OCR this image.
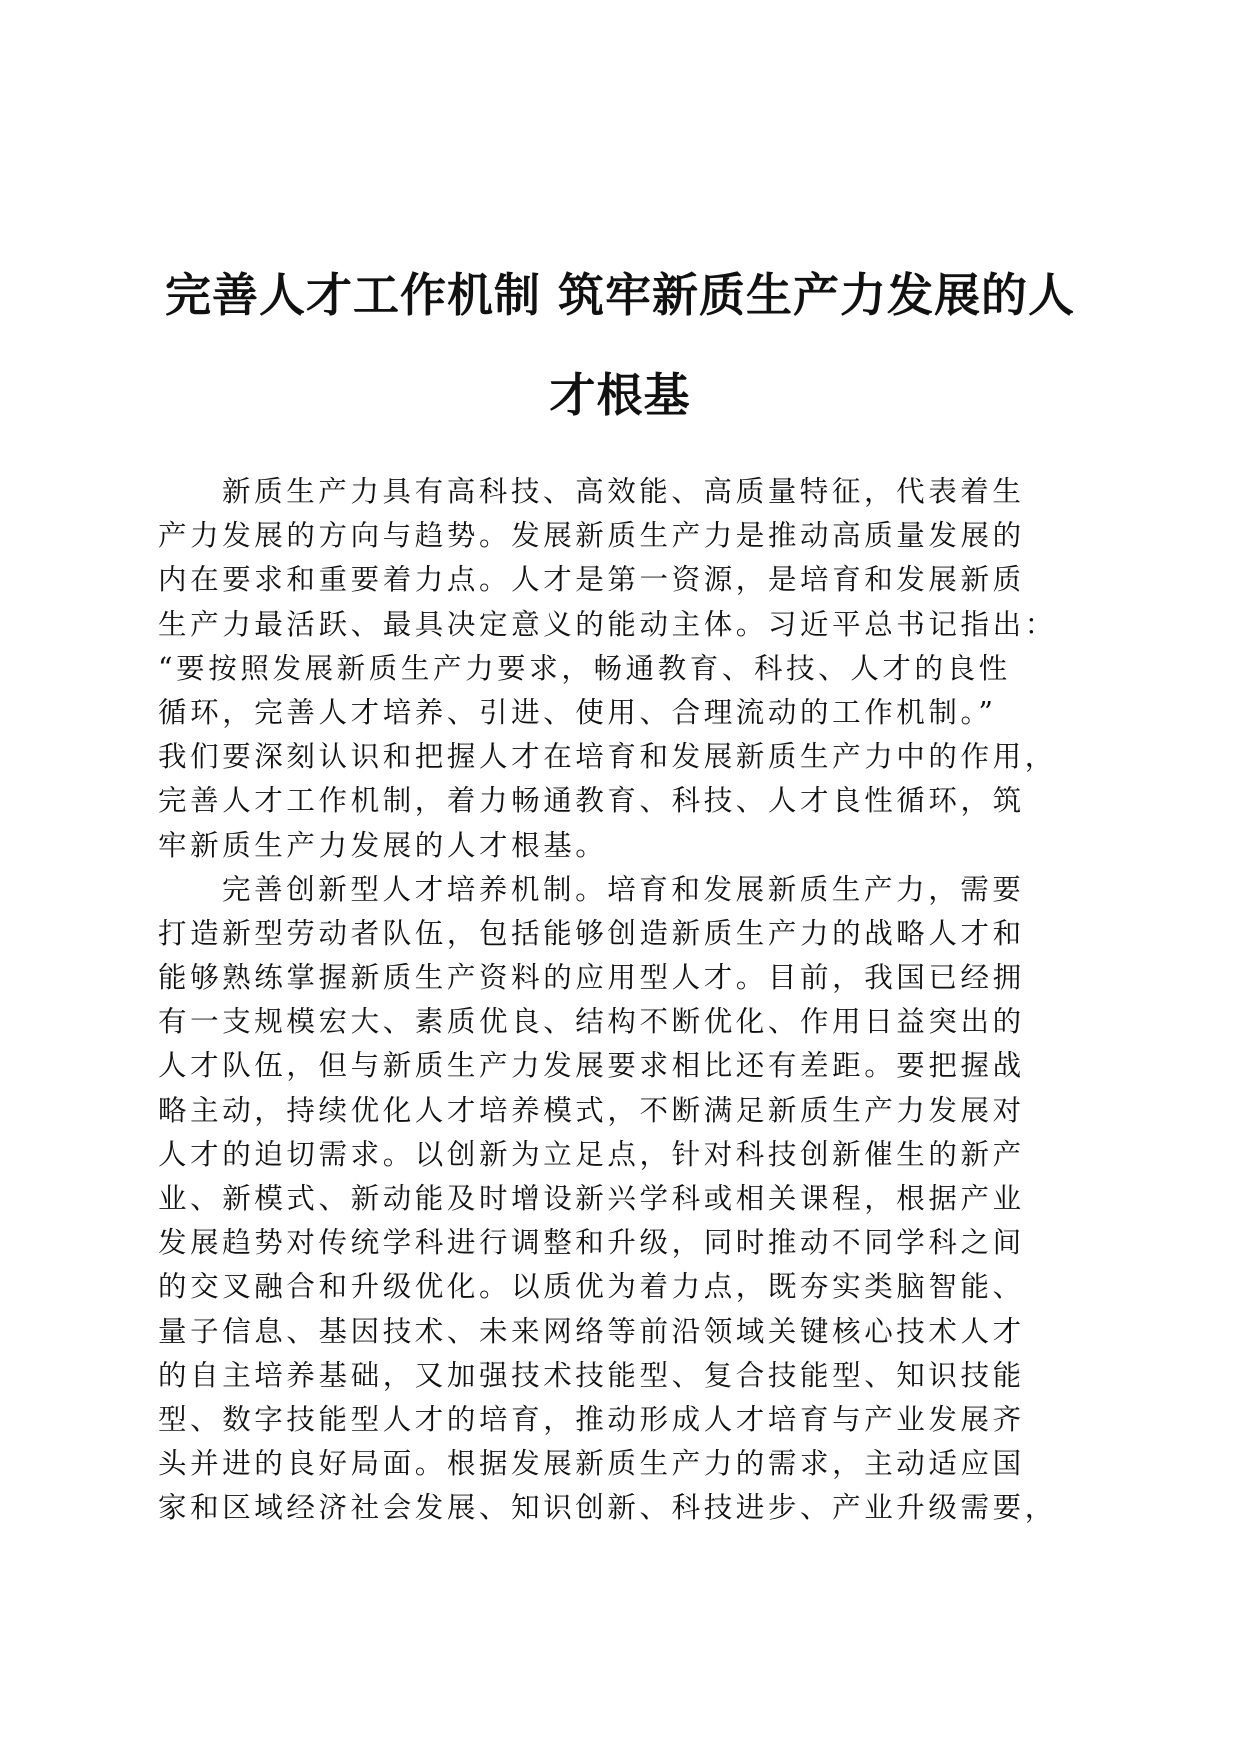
完善人才工作机制 筑牢新质生产力发展的人
才根基

新质生产力具有高科技、高效能、高质量特征，代表着生
产力发展的方向与趋势。发展新质生产力是推动高质量发展的
内在要求和重要着力点。人才是第一资源，是培育和发展新质
生产力最活跃、最具决定意义的能动主体。习近平总书记指出：
“要按照发展新质生产力要求，畅通教育、科技、人才的良性
循环，完善人才培养、引进、使用、合理流动的工作机制。”
我们要深刻认识和把握人才在培育和发展新质生产力中的作用，
完善人才工作机制，着力畅通教育、科技、人才良性循环，筑
牢新质生产力发展的人才根基。

完善创新型人才培养机制。培育和发展新质生产力，需要
打造新型劳动者队伍，包括能够创造新质生产力的战略人才和
能够熟练掌握新质生产资料的应用型人才。目前，我国已经拥
有一支规模宏大、素质优良、结构不断优化、作用日益突出的
人才队伍，但与新质生产力发展要求相比还有差距。要把握战
略主动，持续优化人才培养模式，不断满足新质生产力发展对
人才的迫切需求。以创新为立足点，针对科技创新催生的新产
业、新模式、新动能及时增设新兴学科或相关课程，根据产业
发展趋势对传统学科进行调整和升级，同时推动不同学科之间
的交叉融合和升级优化。以质优为着力点，既夯实类脑智能、
量子信息、基因技术、未来网络等前沿领域关键核心技术人才
的自主培养基础，又加强技术技能型、复合技能型、知识技能
型、数字技能型人才的培育，推动形成人才培育与产业发展齐
头并进的良好局面。根据发展新质生产力的需求，主动适应国
家和区域经济社会发展、知识创新、科技进步、产业升级需要，
